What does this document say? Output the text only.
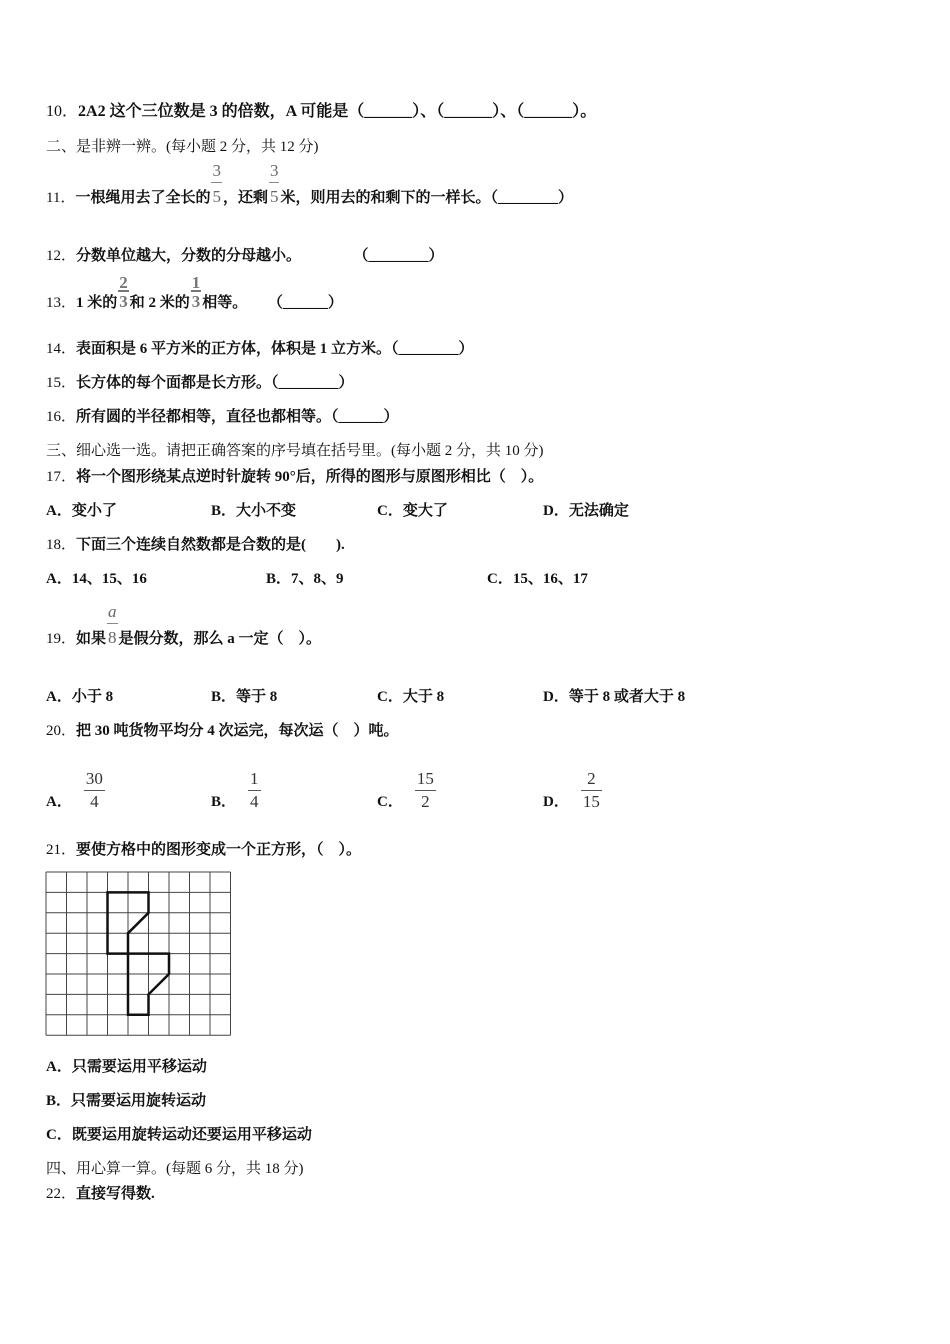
10．2A2 这个三位数是 3 的倍数，A 可能是（______）、（______）、（______）。
二、是非辨一辨。(每小题 2 分，共 12 分)
11．一根绳用去了全长的 $\frac{3}{5}$ ，还剩 $\frac{3}{5}$ 米，则用去的和剩下的一样长。（________）
12．分数单位越大，分数的分母越小。	（________）
13．1 米的 $\frac{2}{3}$ 和 2 米的 $\frac{1}{3}$ 相等。 （______）
14．表面积是 6 平方米的正方体，体积是 1 立方米。（________）
15．长方体的每个面都是长方形。（________）
16．所有圆的半径都相等，直径也都相等。（______）
三、细心选一选。请把正确答案的序号填在括号里。(每小题 2 分，共 10 分)
17．将一个图形绕某点逆时针旋转 90°后，所得的图形与原图形相比（　）。
A．变小了	B．大小不变	C．变大了	D．无法确定
18．下面三个连续自然数都是合数的是(　　).
A．14、15、16	B．7、8、9	C．15、16、17
19．如果 $\frac{a}{8}$ 是假分数，那么 a 一定（　）。
A．小于 8	B．等于 8	C．大于 8	D．等于 8 或者大于 8
20．把 30 吨货物平均分 4 次运完，每次运（　）吨。
A． $\frac{30}{4}$	B． $\frac{1}{4}$	C． $\frac{15}{2}$	D． $\frac{2}{15}$
21．要使方格中的图形变成一个正方形，（　）。
A．只需要运用平移运动
B．只需要运用旋转运动
C．既要运用旋转运动还要运用平移运动
四、用心算一算。(每题 6 分，共 18 分)
22．直接写得数.
